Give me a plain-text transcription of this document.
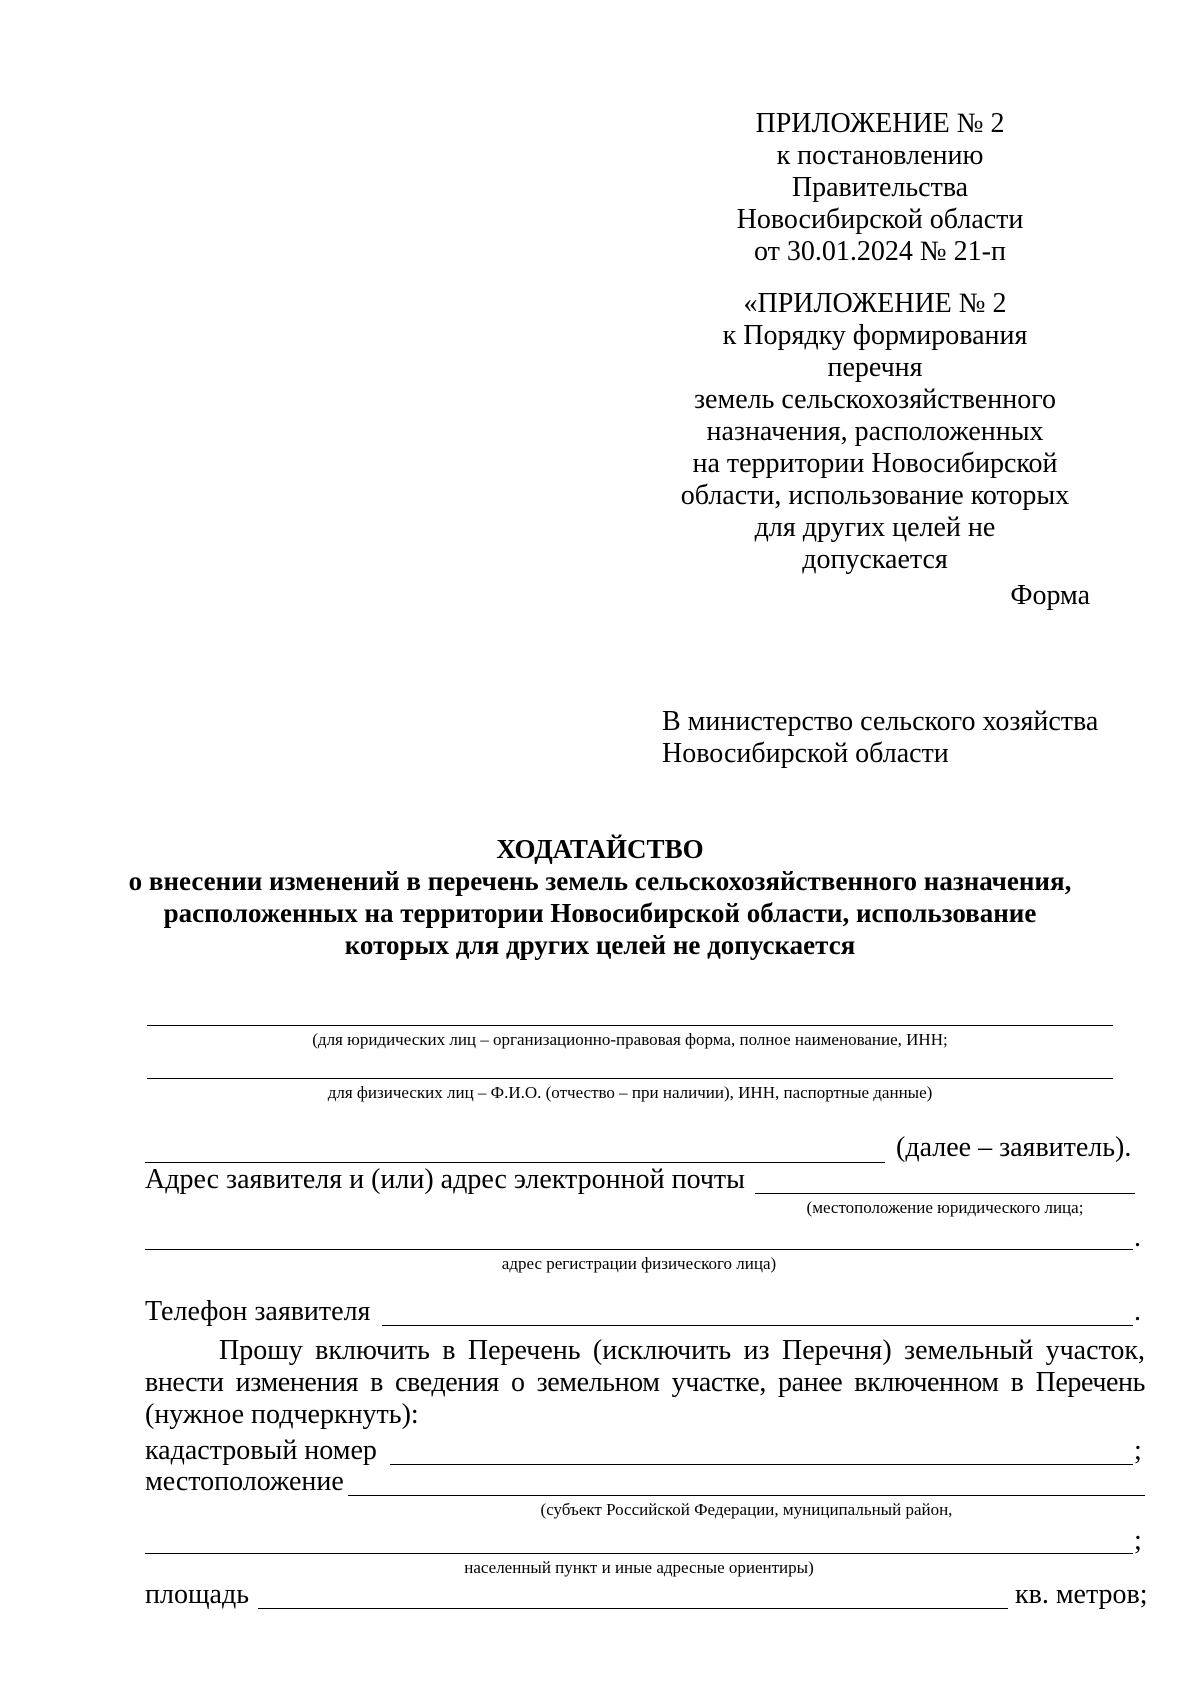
ПРИЛОЖЕНИЕ № 2
к постановлению Правительства
Новосибирской области
от 30.01.2024 № 21-п
«ПРИЛОЖЕНИЕ № 2
к Порядку формирования перечня
земель сельскохозяйственного
назначения, расположенных
на территории Новосибирской
области, использование которых
для других целей не допускается
Форма
В министерство сельского хозяйства
Новосибирской области
ХОДАТАЙСТВО
о внесении изменений в перечень земель сельскохозяйственного назначения,
расположенных на территории Новосибирской области, использование
которых для других целей не допускается
(для юридических лиц – организационно-правовая форма, полное наименование, ИНН;
для физических лиц – Ф.И.О. (отчество – при наличии), ИНН, паспортные данные)
(далее – заявитель).
Адрес заявителя и (или) адрес электронной почты
(местоположение юридического лица;
.
адрес регистрации физического лица)
Телефон заявителя	.
Прошу включить в Перечень (исключить из Перечня) земельный участок,
внести изменения в сведения о земельном участке, ранее включенном в Перечень
(нужное подчеркнуть):
кадастровый номер	;
местоположение
(субъект Российской Федерации, муниципальный район,
;
населенный пункт и иные адресные ориентиры)
площадь	кв. метров;
